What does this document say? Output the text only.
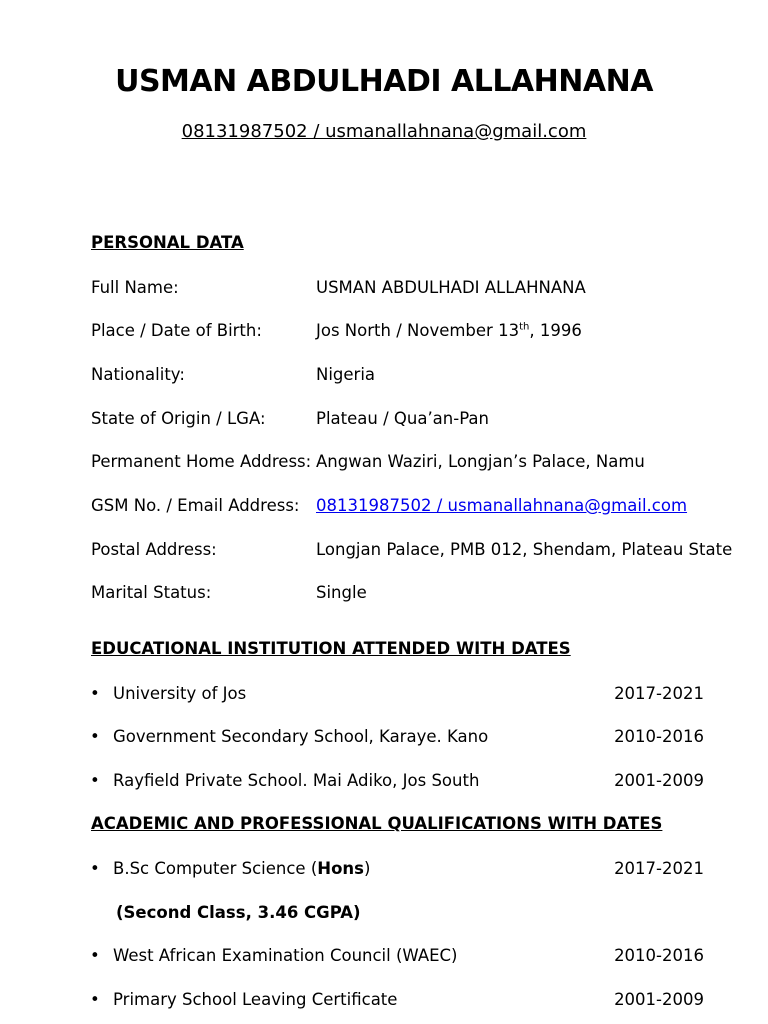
USMAN ABDULHADI ALLAHNANA
08131987502 / usmanallahnana@gmail.com
PERSONAL DATA
Full Name:	USMAN ABDULHADI ALLAHNANA
Place / Date of Birth:	Jos North / November 13th, 1996
Nationality:	Nigeria
State of Origin / LGA:	Plateau / Qua’an-Pan
Permanent Home Address: Angwan Waziri, Longjan’s Palace, Namu
GSM No. / Email Address: 08131987502 / usmanallahnana@gmail.com
Postal Address:	Longjan Palace, PMB 012, Shendam, Plateau State
Marital Status:	Single
EDUCATIONAL INSTITUTION ATTENDED WITH DATES
• University of Jos	2017-2021
• Government Secondary School, Karaye. Kano	2010-2016
• Rayfield Private School. Mai Adiko, Jos South	2001-2009
ACADEMIC AND PROFESSIONAL QUALIFICATIONS WITH DATES
• B.Sc Computer Science (Hons)	2017-2021
(Second Class, 3.46 CGPA)
• West African Examination Council (WAEC)	2010-2016
• Primary School Leaving Certificate	2001-2009
